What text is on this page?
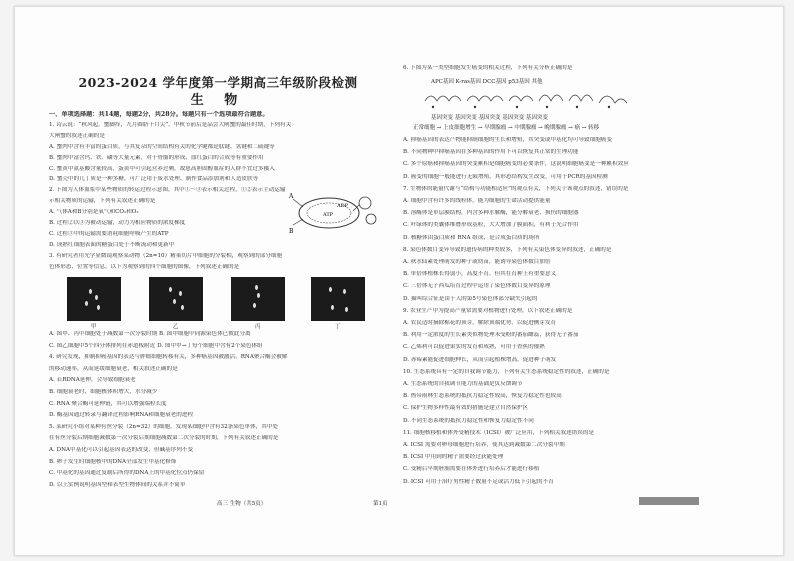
2023-2024 学年度第一学期高三年级阶段检测
生 物
一、单项选择题：共14题，每题2分，共28分。每题只有一个选项最符合题意。
1. 诗云说：“秋风起，蟹脚痒，九月圆脐十月尖”。中秋节前后是品尝大闸蟹的最佳时期，下列有关
大闸蟹的叙述正确的是
A. 蟹肉中含有丰富的蛋白质，与其复杂的空间结构有关的化学键都是肽键、氢键和二硫键等
B. 蟹肉中富含钙、铁、磷等大量元素，对于骨骼的形成、血红蛋白的合成等有重要作用
C. 蟹黄中氨基酸含量较高，蛋黄中可引起营养过剩，故患高胆固醇血症的人群不宜过多摄入
D. 蟹壳中的几丁质是一种多糖，可广泛用于废水处理、制作食品添加剂和人造皮肤等
2. 下图为人体血浆中某些物质的转运过程示意图，其中①～③表示相关过程，①②表示主动运输
示相关物质的运输，下列有关叙述正确的是
A. 气体A和B分别是氧气和CO₂和O₂
B. 过程②以③为被动运输，动力为相应物质的浓度梯度
C. 过程③中的运输需要消耗细胞呼吸产生的ATP
D. 成熟红细胞表面的糖蛋白处于不断流动和更新中
3. 有研究者用光学显微镜观察某动物（2n=10）精巢切片中细胞的分裂相，观察到的部分细胞
色体形态、位置等信息，以下为观察到的四个细胞的图像，下列叙述正确的是
A
B
ATP
ADP
甲	乙	丙	丁
A. 图甲、丙中细胞处于减数第一次分裂时期 B. 图甲细胞中同源染色体已彼此分离
C. 图乙细胞中5个四分体排列在赤道板附近 D. 图中甲→丁每个细胞中含有2个染色体组
4. 研究发现，抑制抑癌基因的表达与肿瘤细胞转移有关，多种癌基因被激活，RNA聚合酶会被解
的移动速率，从而延缓细胞衰老，相关叙述正确的是
A. 若RDNA延伸，会导致细胞衰老
B. 细胞衰老时，细胞核体积增大，水分减少
C. RNA 聚合酶可延伸链，其可以增强端粒长度
D. 酶基因通过转录与翻译过程影响RNA和细胞衰老的进程
5. 某研究小组对某种有丝分裂（2n=32）的细胞，发现某细胞中含有32条染色单体，其中处
在有丝分裂后期细胞减数第一次分裂后期细胞减数第二次分裂的时期，下列有关叙述正确的是
A. DNA甲基化可以引起基因表达的改变，但碱基序列不变
B. 卵子发生时细胞核中的DNA全部发生甲基化修饰
C. 甲基化的基因通过复制后所得的DNA上的甲基化位点仍保留
D. 以上实例说明基因型和表型生物体间的关系并不简单
高三 生物（共5页）
6. 下图为某一类型细胞发生癌变的相关过程，下列有关分析正确的是
APC基因 K-ras基因 DCC基因 p53基因 其他
基因突变 基因突变 基因突变 基因突变 基因突变
正常细胞 → 上皮细胞增生 → 早期腺瘤 → 中期腺瘤 → 晚期腺瘤 → 癌 → 转移
A. 抑癌基因的表达产物能抑制细胞的生长和增殖，其突变或甲基化均可导致细胞癌变
B. 不同物种中抑癌基因在多种基因的作用下可以恢复其正常的生理功能
C. 多个原癌和抑癌基因的突变累积是细胞癌变的必要条件，这说明细胞癌变是一种累积效应
D. 癌变的细胞一般能进行无限增殖，其形态结构发生改变，可用于PCR的基因检测
7. 生物体的能量代谢与“结构与功能相适应”的观点有关，下列关于该观点的叙述，错误的是
A. 细胞中含有许多的线粒体，能为细胞的生命活动提供能量
B. 溶酶体是单层膜结构，内含多种水解酶，能分解衰老、损伤的细胞器
C. 叶绿体的类囊体堆叠形成基粒，大大增加了膜面积，有利于光合作用
D. 核糖体由蛋白质和 RNA 组成，是合成蛋白质的场所
8. 染色体数目变异导致的遗传病的种类较多，下列有关染色体变异的叙述，正确的是
A. 秋水仙素处理萌发的种子或幼苗，能诱导染色体数目加倍
B. 单倍体植株长得弱小，高度不育，但其在育种上有重要意义
C. 三倍体无子西瓜培育过程中运用了染色体数目变异的原理
D. 猫叫综合征是由于人的第5号染色体部分缺失引起的
9. 农业生产中为提高产量常需要对植物进行处理，以下叙述正确的是
A. 农民适时摘除棉花的顶芽，解除顶端优势，以促进侧芽发育
B. 利用一定浓度的生长素类似物处理未受粉的番茄雌蕊，获得无子番茄
C. 乙烯利可以促进果实的发育和成熟，可用于香蕉的催熟
D. 赤霉素能促进细胞伸长，从而引起植株增高，促进种子萌发
10. 生态系统具有一定的自我调节能力，下列有关生态系统稳定性的叙述，正确的是
A. 生态系统的自我调节能力的基础是负反馈调节
B. 热带雨林生态系统的抵抗力稳定性较高，恢复力稳定性也较高
C. 保护生物多样性最有效的措施是建立自然保护区
D. 不同生态系统的抵抗力稳定性和恢复力稳定性不同
11. 细胞核移植和体外受精技术（ICSI）被广泛应用，下列相关叙述错误的是
A. ICSI 需要对卵母细胞进行培养，使其达到减数第二次分裂中期
B. ICSI 中用到的精子需要经过获能处理
C. 受精后早期胚胎需要在体外进行培养后才能进行移植
D. ICSI 可用于治疗男性精子数量不足或活力低下引起的不育
第1页
